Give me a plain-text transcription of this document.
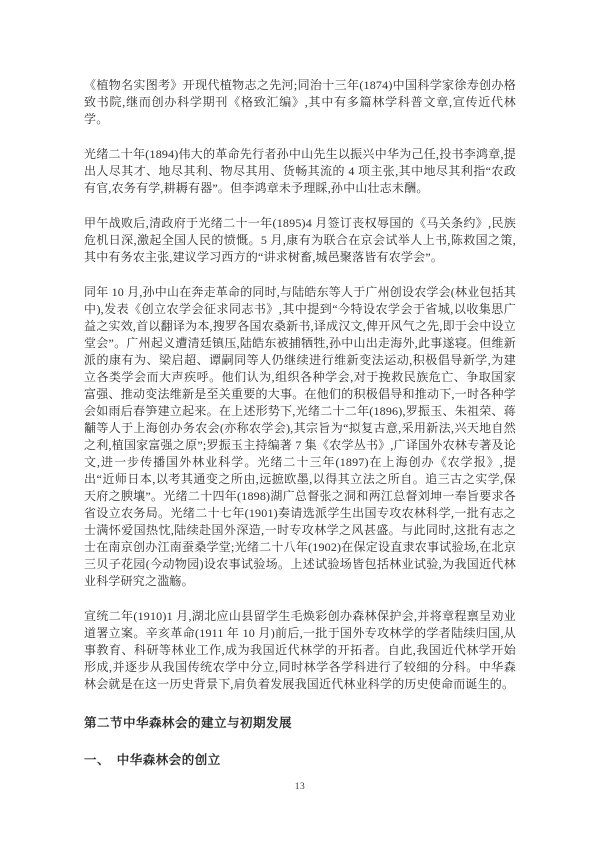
《植物名实图考》开现代植物志之先河;同治十三年(1874)中国科学家徐寿创办格致书院,继而创办科学期刊《格致汇编》,其中有多篇林学科普文章,宣传近代林学。

光绪二十年(1894)伟大的革命先行者孙中山先生以振兴中华为己任,投书李鸿章,提出人尽其才、地尽其利、物尽其用、货畅其流的 4 项主张,其中地尽其利指“农政有官,农务有学,耕耨有器”。但李鸿章未予理睬,孙中山壮志未酬。

甲午战败后,清政府于光绪二十一年(1895)4 月签订丧权辱国的《马关条约》,民族危机日深,激起全国人民的愤慨。5 月,康有为联合在京会试举人上书,陈救国之策,其中有务农主张,建议学习西方的“讲求树畜,城邑聚落皆有农学会”。

同年 10 月,孙中山在奔走革命的同时,与陆皓东等人于广州创设农学会(林业包括其中),发表《创立农学会征求同志书》,其中提到“今特设农学会于省城,以收集思广益之实效,首以翻译为本,搜罗各国农桑新书,译成汉文,俾开风气之先,即于会中设立堂会”。广州起义遭清廷镇压,陆皓东被捕牺牲,孙中山出走海外,此事遂寝。但维新派的康有为、梁启超、谭嗣同等人仍继续进行维新变法运动,积极倡导新学,为建立各类学会而大声疾呼。他们认为,组织各种学会,对于挽救民族危亡、争取国家富强、推动变法维新是至关重要的大事。在他们的积极倡导和推动下,一时各种学会如雨后春笋建立起来。在上述形势下,光绪二十二年(1896),罗振玉、朱祖荣、蒋黼等人于上海创办务农会(亦称农学会),其宗旨为“拟复古意,采用新法,兴天地自然之利,植国家富强之原”;罗振玉主持编著 7 集《农学丛书》,广译国外农林专著及论文,进一步传播国外林业科学。光绪二十三年(1897)在上海创办《农学报》,提出“近师日本,以考其通变之所由,远摭欧墨,以得其立法之所自。追三古之实学,保天府之腴壤”。光绪二十四年(1898)湖广总督张之洞和两江总督刘坤一奉旨要求各省设立农务局。光绪二十七年(1901)奏请选派学生出国专攻农林科学,一批有志之士满怀爱国热忱,陆续赴国外深造,一时专攻林学之风甚盛。与此同时,这批有志之士在南京创办江南蚕桑学堂;光绪二十八年(1902)在保定设直隶农事试验场,在北京三贝子花园(今动物园)设农事试验场。上述试验场皆包括林业试验,为我国近代林业科学研究之滥觞。

宣统二年(1910)1 月,湖北应山县留学生毛焕彩创办森林保护会,并将章程禀呈劝业道署立案。辛亥革命(1911 年 10 月)前后,一批于国外专攻林学的学者陆续归国,从事教育、科研等林业工作,成为我国近代林学的开拓者。自此,我国近代林学开始形成,并逐步从我国传统农学中分立,同时林学各学科进行了较细的分科。中华森林会就是在这一历史背景下,肩负着发展我国近代林业科学的历史使命而诞生的。

第二节中华森林会的建立与初期发展
一、　中华森林会的创立
13
